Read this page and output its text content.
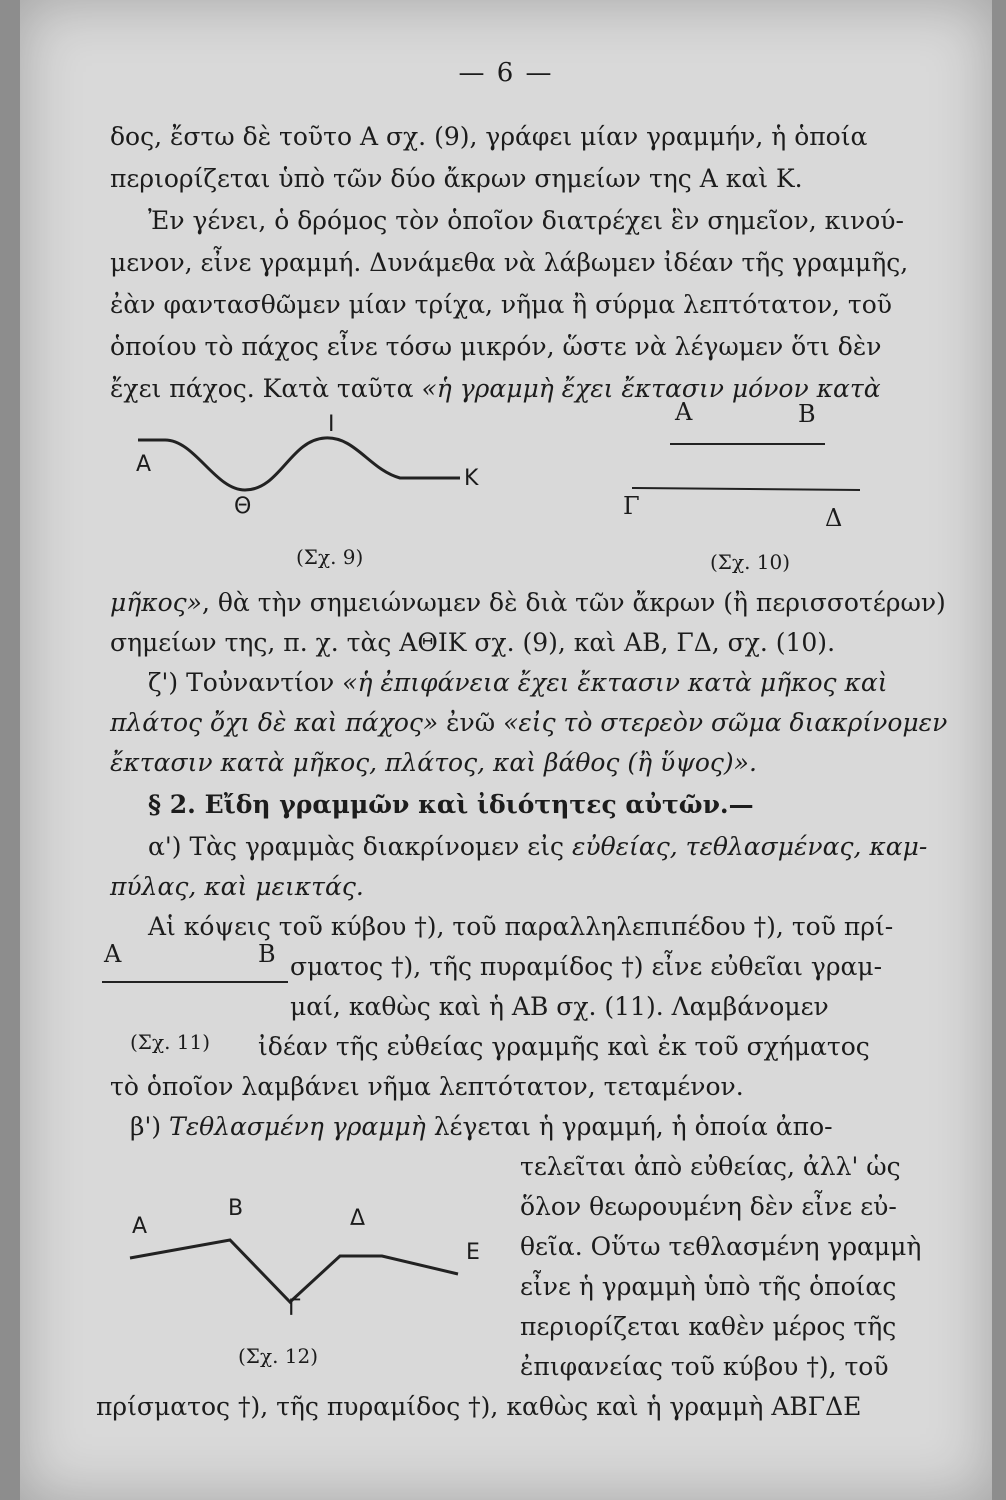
— 6 —
δος, ἔστω δὲ τοῦτο Α σχ. (9), γράφει μίαν γραμμήν, ἡ ὁποία
περιορίζεται ὑπὸ τῶν δύο ἄκρων σημείων της Α καὶ Κ.
Ἐν γένει, ὁ δρόμος τὸν ὁποῖον διατρέχει ἓν σημεῖον, κινού-
μενον, εἶνε γραμμή. Δυνάμεθα νὰ λάβωμεν ἰδέαν τῆς γραμμῆς,
ἐὰν φαντασθῶμεν μίαν τρίχα, νῆμα ἢ σύρμα λεπτότατον, τοῦ
ὁποίου τὸ πάχος εἶνε τόσω μικρόν, ὥστε νὰ λέγωμεν ὅτι δὲν
ἔχει πάχος. Κατὰ ταῦτα «ἡ γραμμὴ ἔχει ἔκτασιν μόνον κατὰ
A
I
K
Θ
(Σχ. 9)
Α	Β
Γ	Δ
(Σχ. 10)
μῆκος», θὰ τὴν σημειώνωμεν δὲ διὰ τῶν ἄκρων (ἢ περισσοτέρων)
σημείων της, π. χ. τὰς ΑΘΙΚ σχ. (9), καὶ ΑΒ, ΓΔ, σχ. (10).
ζ') Τοὐναντίον «ἡ ἐπιφάνεια ἔχει ἔκτασιν κατὰ μῆκος καὶ
πλάτος ὄχι δὲ καὶ πάχος» ἐνῶ «εἰς τὸ στερεὸν σῶμα διακρίνομεν
ἔκτασιν κατὰ μῆκος, πλάτος, καὶ βάθος (ἢ ὕψος)».
§ 2. Εἴδη γραμμῶν καὶ ἰδιότητες αὐτῶν.—
α') Τὰς γραμμὰς διακρίνομεν εἰς εὐθείας, τεθλασμένας, καμ-
πύλας, καὶ μεικτάς.
Αἱ κόψεις τοῦ κύβου †), τοῦ παραλληλεπιπέδου †), τοῦ πρί-
A	B σματος †), τῆς πυραμίδος †) εἶνε εὐθεῖαι γραμ-
μαί, καθὼς καὶ ἡ ΑΒ σχ. (11). Λαμβάνομεν
(Σχ. 11) ἰδέαν τῆς εὐθείας γραμμῆς καὶ ἐκ τοῦ σχήματος
τὸ ὁποῖον λαμβάνει νῆμα λεπτότατον, τεταμένον.
β') Τεθλασμένη γραμμὴ λέγεται ἡ γραμμή, ἡ ὁποία ἀπο-
τελεῖται ἀπὸ εὐθείας, ἀλλ' ὡς
ὅλον θεωρουμένη δὲν εἶνε εὐ-
θεῖα. Οὕτω τεθλασμένη γραμμὴ
εἶνε ἡ γραμμὴ ὑπὸ τῆς ὁποίας
περιορίζεται καθὲν μέρος τῆς
ἐπιφανείας τοῦ κύβου †), τοῦ
πρίσματος †), τῆς πυραμίδος †), καθὼς καὶ ἡ γραμμὴ ΑΒΓΔΕ
A
B
Γ
Δ
E
(Σχ. 12)
